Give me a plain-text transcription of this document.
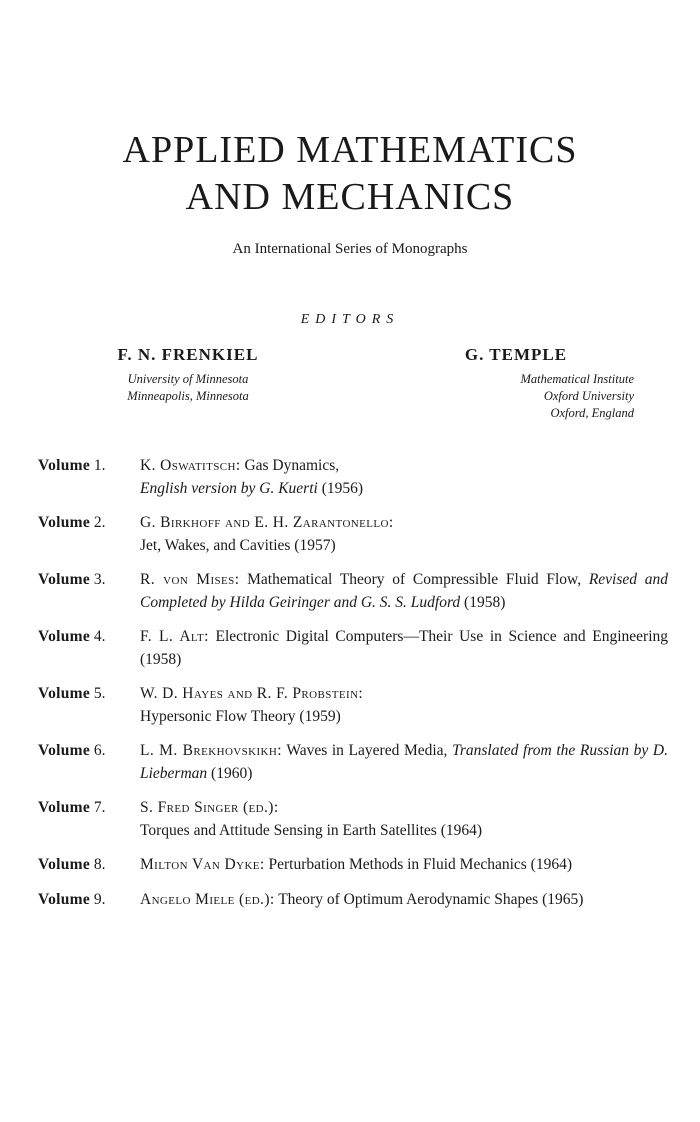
APPLIED MATHEMATICS
AND MECHANICS
An International Series of Monographs
EDITORS
F. N. FRENKIEL
University of Minnesota
Minneapolis, Minnesota
G. TEMPLE
Mathematical Institute
Oxford University
Oxford, England
Volume 1.	K. Oswatitsch: Gas Dynamics,
English version by G. Kuerti (1956)
Volume 2.	G. Birkhoff and E. H. Zarantonello:
Jet, Wakes, and Cavities (1957)
Volume 3.	R. von Mises: Mathematical Theory of Compressible Fluid Flow, Revised and Completed by Hilda Geiringer and G. S. S. Ludford (1958)
Volume 4.	F. L. Alt: Electronic Digital Computers—Their Use in Science and Engineering (1958)
Volume 5.	W. D. Hayes and R. F. Probstein:
Hypersonic Flow Theory (1959)
Volume 6.	L. M. Brekhovskikh: Waves in Layered Media, Translated from the Russian by D. Lieberman (1960)
Volume 7.	S. Fred Singer (ed.):
Torques and Attitude Sensing in Earth Satellites (1964)
Volume 8.	Milton Van Dyke: Perturbation Methods in Fluid Mechanics (1964)
Volume 9.	Angelo Miele (ed.): Theory of Optimum Aerodynamic Shapes (1965)
